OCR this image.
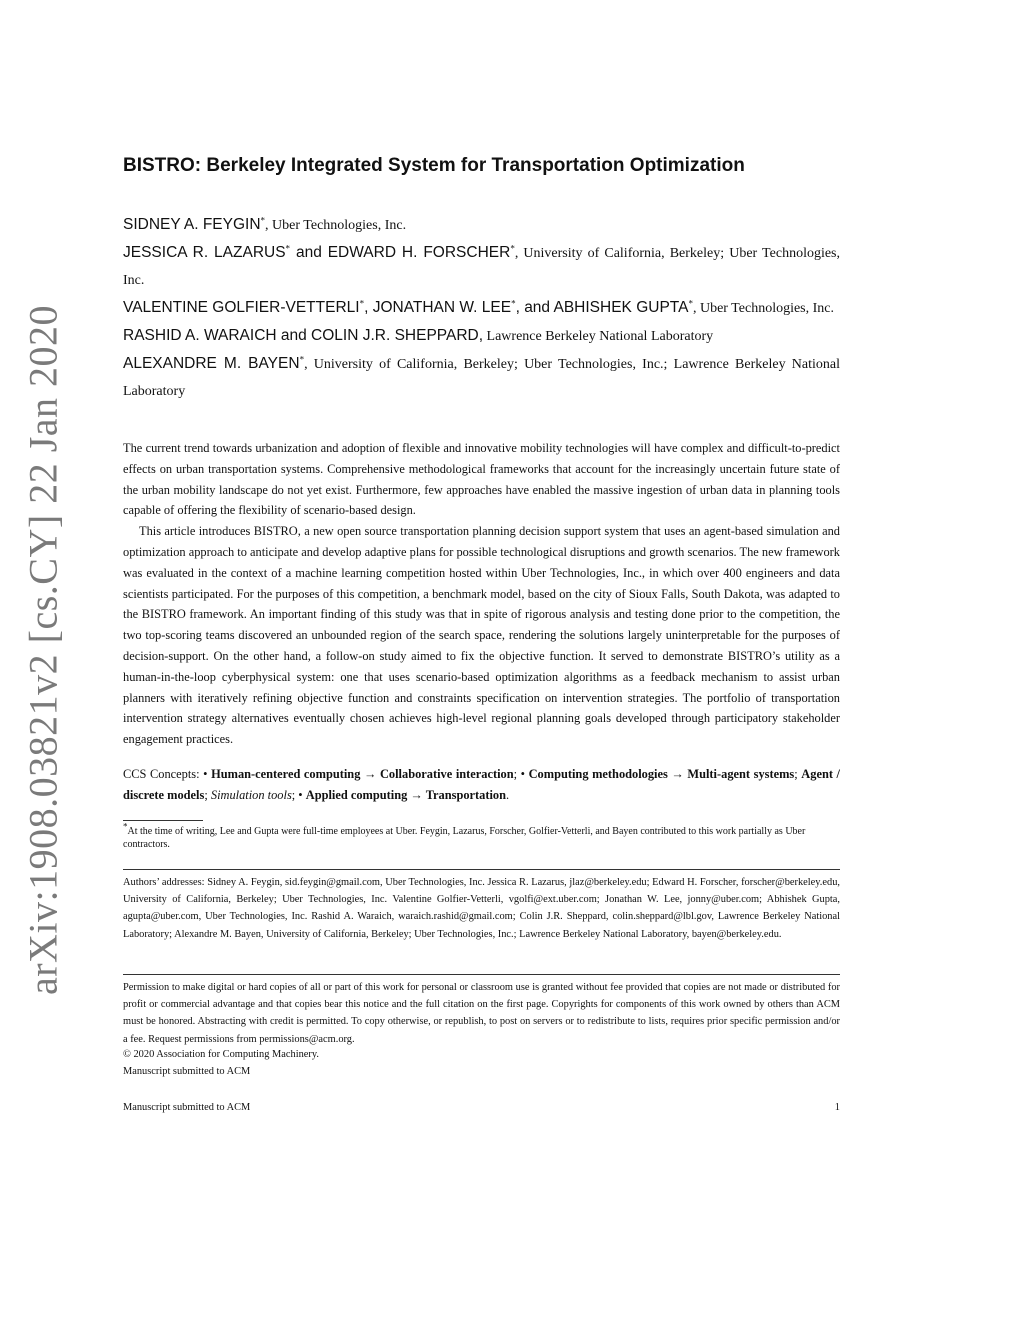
arXiv:1908.03821v2 [cs.CY] 22 Jan 2020
BISTRO: Berkeley Integrated System for Transportation Optimization
SIDNEY A. FEYGIN*, Uber Technologies, Inc.
JESSICA R. LAZARUS* and EDWARD H. FORSCHER*, University of California, Berkeley; Uber Technologies, Inc.
VALENTINE GOLFIER-VETTERLI*, JONATHAN W. LEE*, and ABHISHEK GUPTA*, Uber Technologies, Inc.
RASHID A. WARAICH and COLIN J.R. SHEPPARD, Lawrence Berkeley National Laboratory
ALEXANDRE M. BAYEN*, University of California, Berkeley; Uber Technologies, Inc.; Lawrence Berkeley National Laboratory

The current trend towards urbanization and adoption of flexible and innovative mobility technologies will have complex and difficult-to-predict effects on urban transportation systems. Comprehensive methodological frameworks that account for the increasingly uncertain future state of the urban mobility landscape do not yet exist. Furthermore, few approaches have enabled the massive ingestion of urban data in planning tools capable of offering the flexibility of scenario-based design.

This article introduces BISTRO, a new open source transportation planning decision support system that uses an agent-based simulation and optimization approach to anticipate and develop adaptive plans for possible technological disruptions and growth scenarios. The new framework was evaluated in the context of a machine learning competition hosted within Uber Technologies, Inc., in which over 400 engineers and data scientists participated. For the purposes of this competition, a benchmark model, based on the city of Sioux Falls, South Dakota, was adapted to the BISTRO framework. An important finding of this study was that in spite of rigorous analysis and testing done prior to the competition, the two top-scoring teams discovered an unbounded region of the search space, rendering the solutions largely uninterpretable for the purposes of decision-support. On the other hand, a follow-on study aimed to fix the objective function. It served to demonstrate BISTRO’s utility as a human-in-the-loop cyberphysical system: one that uses scenario-based optimization algorithms as a feedback mechanism to assist urban planners with iteratively refining objective function and constraints specification on intervention strategies. The portfolio of transportation intervention strategy alternatives eventually chosen achieves high-level regional planning goals developed through participatory stakeholder engagement practices.

CCS Concepts: • Human-centered computing → Collaborative interaction; • Computing methodologies → Multi-agent systems; Agent / discrete models; Simulation tools; • Applied computing → Transportation.
*At the time of writing, Lee and Gupta were full-time employees at Uber. Feygin, Lazarus, Forscher, Golfier-Vetterli, and Bayen contributed to this work partially as Uber contractors.
Authors’ addresses: Sidney A. Feygin, sid.feygin@gmail.com, Uber Technologies, Inc. Jessica R. Lazarus, jlaz@berkeley.edu; Edward H. Forscher, forscher@berkeley.edu, University of California, Berkeley; Uber Technologies, Inc. Valentine Golfier-Vetterli, vgolfi@ext.uber.com; Jonathan W. Lee, jonny@uber.com; Abhishek Gupta, agupta@uber.com, Uber Technologies, Inc. Rashid A. Waraich, waraich.rashid@gmail.com; Colin J.R. Sheppard, colin.sheppard@lbl.gov, Lawrence Berkeley National Laboratory; Alexandre M. Bayen, University of California, Berkeley; Uber Technologies, Inc.; Lawrence Berkeley National Laboratory, bayen@berkeley.edu.
Permission to make digital or hard copies of all or part of this work for personal or classroom use is granted without fee provided that copies are not made or distributed for profit or commercial advantage and that copies bear this notice and the full citation on the first page. Copyrights for components of this work owned by others than ACM must be honored. Abstracting with credit is permitted. To copy otherwise, or republish, to post on servers or to redistribute to lists, requires prior specific permission and/or a fee. Request permissions from permissions@acm.org.
© 2020 Association for Computing Machinery.
Manuscript submitted to ACM
Manuscript submitted to ACM	1
